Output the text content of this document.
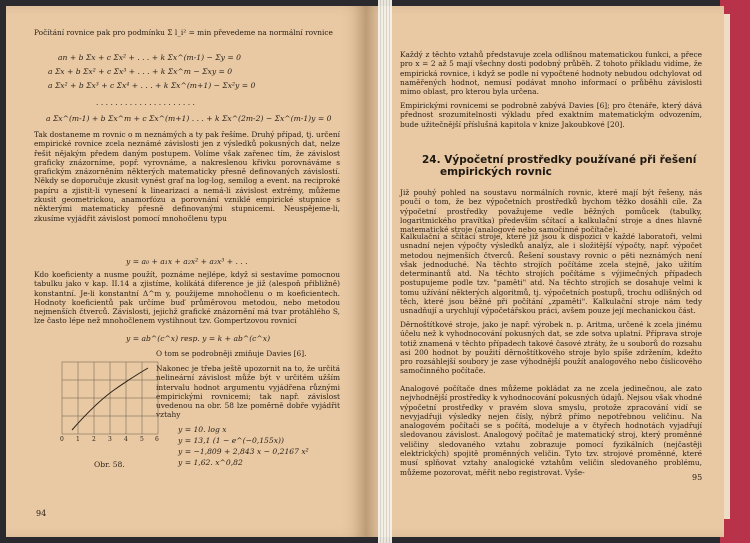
Počítání rovnice pak pro podmínku Σ l_i² = min převedeme na normální rovnice

an + b Σx + c Σx² + . . . + k Σx^(m-1) − Σy = 0
a Σx + b Σx² + c Σx³ + . . . + k Σx^m − Σxy = 0
a Σx² + b Σx³ + c Σx⁴ + . . . + k Σx^(m+1) − Σx²y = 0
. . . . . . . . . . . . . . . . . . . . .
a Σx^(m-1) + b Σx^m + c Σx^(m+1) . . . + k Σx^(2m-2) − Σx^(m-1)y = 0

Tak dostaneme m rovnic o m neznámých a ty pak řešíme. Druhý případ, tj. určení empirické rovnice zcela neznámé závislosti jen z výsledků pokusných dat, nelze řešit nějakým předem daným postupem. Volíme však zařenec tím, že závislost graficky znázorníme, popř. vyrovnáme, a nakreslenou křivku porovnáváme s grafickým znázorněním některých matematicky přesně definovaných závislostí. Někdy se doporučuje zkusit vynést graf na log-log, semilog a event. na reciproké papíru a zjistit-li vynesení k linearizaci a nemá-li závislost extrémy, můžeme zkusit geometrickou, anamorfózu a porovnání vzniklé empirické stupnice s některými matematicky přesně definovanými stupnicemi. Neuspějeme-li, zkusíme vyjádřit závislost pomocí mnohočlenu typu

y = a₀ + a₁x + a₂x² + a₃x³ + . . .

Kdo koeficienty a nusme použít, poznáme nejlépe, když si sestavíme pomocnou tabulku jako v kap. II.14 a zjistíme, kolikátá diference je již (alespoň přibližně) konstantní. Je-li konstantní Δ^m y, použijeme mnohočlenu o m koeficientech. Hodnoty koeficientů pak určíme buď průměrovou metodou, nebo metodou nejmenších čtverců. Závislosti, jejichž grafické znázornění má tvar protáhlého S, lze často lépe než mnohočlenem vystihnout tzv. Gompertzovou rovnicí

y = ab^(c^x) resp. y = k + ab^(c^x)

O tom se podrobněji zmiňuje Davies [6].

Nakonec je třeba ještě upozornit na to, že určitá nelineární závislost může být v určitém užším intervalu hodnot argumentu vyjádřena různými empirickými rovnicemi; tak např. závislost uvedenou na obr. 58 lze poměrně dobře vyjádřit vztahy

y = 10. log x
y = 13,1 (1 − e^(−0,155x))
y = −1,809 + 2,843 x − 0,2167 x²
y = 1,62. x^0,82
0 1 2 3 4 5 6
Obr. 58.
94

Každý z těchto vztahů představuje zcela odlišnou matematickou funkci, a přece pro x = 2 až 5 mají všechny dosti podobný průběh. Z tohoto příkladu vidíme, že empirická rovnice, i když se podle ní vypočtené hodnoty nebudou odchylovat od naměřených hodnot, nemusí podávat mnoho informací o průběhu závislosti mimo oblast, pro kterou byla určena.

Empirickými rovnicemi se podrobně zabývá Davies [6]; pro čtenáře, který dává přednost srozumitelnosti výkladu před exaktním matematickým odvozením, bude užitečnější příslušná kapitola v knize Jakoubkové [20].

24. Výpočetní prostředky používané při řešení
empirických rovnic

Již pouhý pohled na soustavu normálních rovnic, které mají být řešeny, nás poučí o tom, že bez výpočetních prostředků bychom těžko dosáhli cíle. Za výpočetní prostředky považujeme vedle běžných pomůcek (tabulky, logaritmického pravítka) především sčítací a kalkulační stroje a dnes hlavně matematické stroje (analogové nebo samočinné počítače).

Kalkulační a sčítací stroje, které již jsou k dispozici v každé laboratoři, velmi usnadní nejen výpočty výsledků analýz, ale i složitější výpočty, např. výpočet metodou nejmenších čtverců. Řešení soustavy rovnic o pěti neznámých není však jednoduché. Na těchto strojích počítáme zcela stejně, jako užitím determinantů atd. Na těchto strojích počítáme s výjimečných případech postupujeme podle tzv. "paměti" atd. Na těchto strojích se dosahuje velmi k tomu užívání některých algoritmů, tj. výpočetních postupů, trochu odlišných od těch, které jsou běžné při počítání „zpaměti". Kalkulační stroje nám tedy usnadňují a urychlují výpočetářskou práci, avšem pouze její mechanickou část.

Děrnoštítkové stroje, jako je např. výrobek n. p. Aritma, určené k zcela jinému účelu než k vyhodnocování pokusných dat, se zde sotva uplatní. Příprava stroje totiž znamená v těchto případech takové časové ztráty, že u souborů do rozsahu asi 200 hodnot by použití děrnoštítkového stroje bylo spíše zdržením, kdežto pro rozsáhlejší soubory je zase výhodnější použít analogového nebo číslicového samočinného počítače.

Analogové počítače dnes můžeme pokládat za ne zcela jedinečnou, ale zato nejvhodnější prostředky k vyhodnocování pokusných údajů. Nejsou však vhodné výpočetní prostředky v pravém slova smyslu, protože zpracování vidí se nevyjadřuji výsledky nejen čísly, nýbrž přímo nepotřebnou veličinu. Na analogovém počítači se s počítá, modeluje a v čtyřech hodnotách vyjadřují sledovanou závislost. Analogový počítač je matematický stroj, který proměnné veličiny sledovaného vztahu zobrazuje pomocí fyzikálních (nejčastěji elektrických) spojitě proměnných veličin. Tyto tzv. strojové proměnné, které musí splňovat vztahy analogické vztahům veličin sledovaného problému, můžeme pozorovat, měřit nebo registrovat. Vyše-

95
